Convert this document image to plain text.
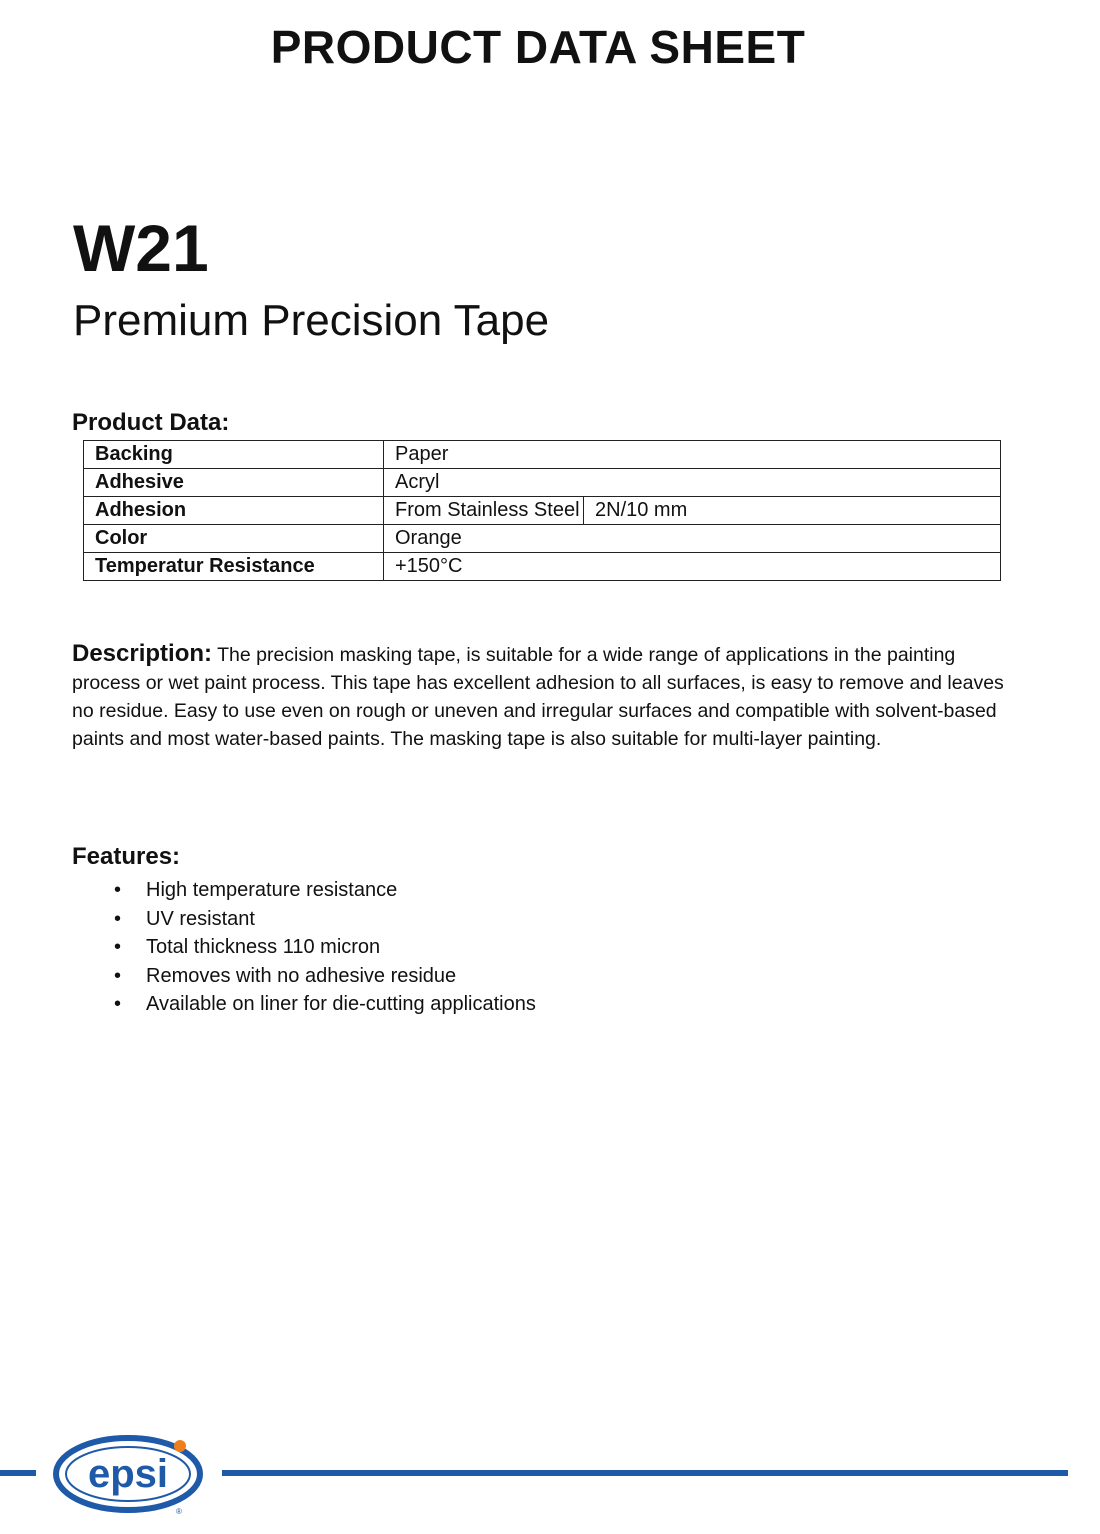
PRODUCT DATA SHEET
W21
Premium Precision Tape
Product Data:
Backing	Paper	
Adhesive	Acryl	
Adhesion	From Stainless Steel	2N/10 mm
Color	Orange	
Temperatur Resistance	+150°C	
Description: The precision masking tape, is suitable for a wide range of applications in the painting process or wet paint process. This tape has excellent adhesion to all surfaces, is easy to remove and leaves no residue. Easy to use even on rough or uneven and irregular surfaces and compatible with solvent-based paints and most water-based paints. The masking tape is also suitable for multi-layer painting.
Features:
• High temperature resistance
• UV resistant
• Total thickness 110 micron
• Removes with no adhesive residue
• Available on liner for die-cutting applications
epsi
®
